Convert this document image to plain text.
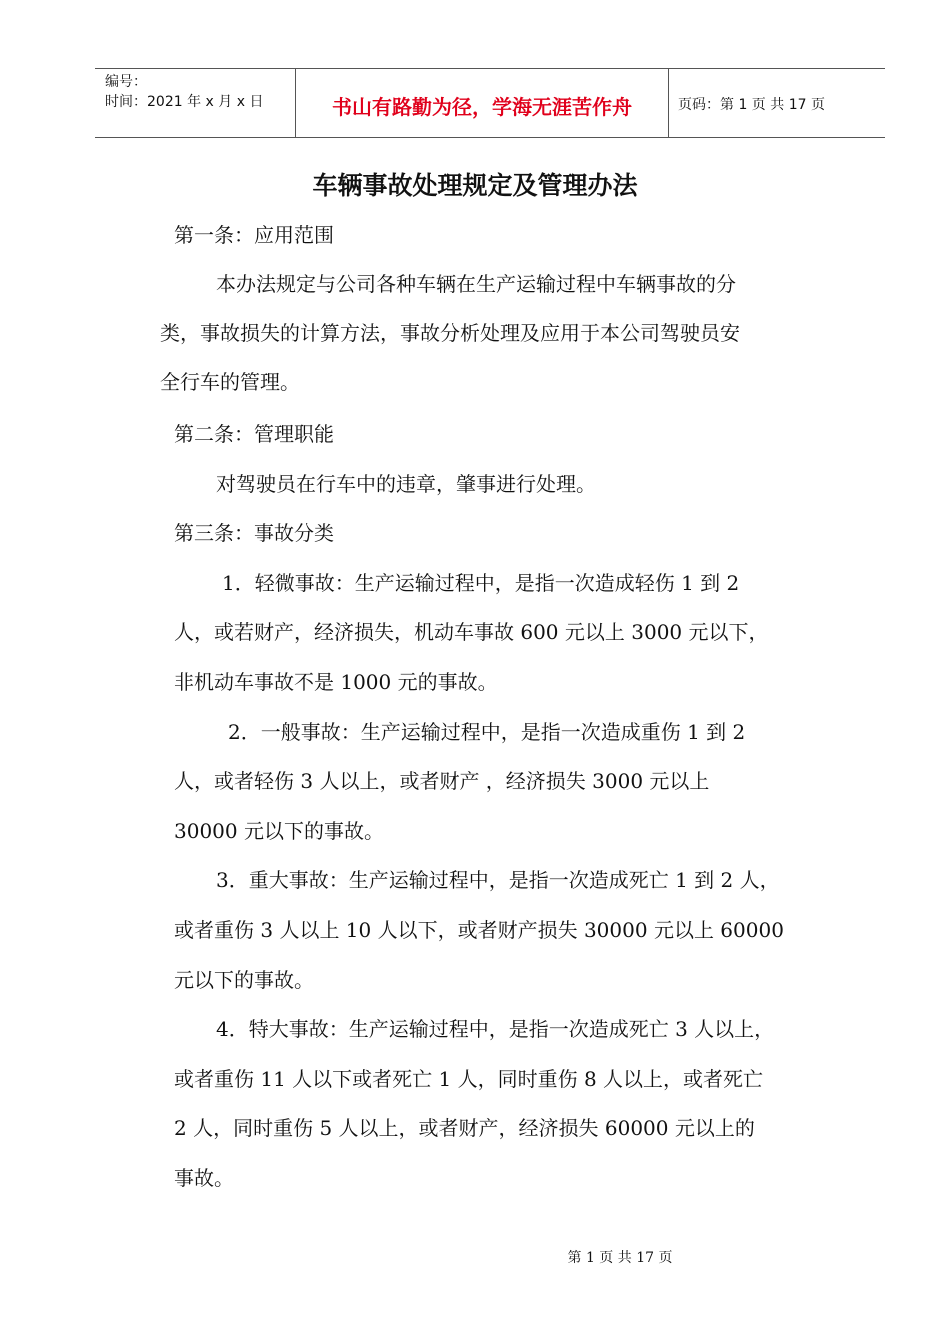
编号：
时间：2021 年 x 月 x 日	书山有路勤为径，学海无涯苦作舟	页码：第 1 页 共 17 页
车辆事故处理规定及管理办法
第一条：应用范围
本办法规定与公司各种车辆在生产运输过程中车辆事故的分
类，事故损失的计算方法，事故分析处理及应用于本公司驾驶员安
全行车的管理。
第二条：管理职能
对驾驶员在行车中的违章，肇事进行处理。
第三条：事故分类
1．轻微事故：生产运输过程中，是指一次造成轻伤 1 到 2
人，或若财产，经济损失，机动车事故 600 元以上 3000 元以下，
非机动车事故不是 1000 元的事故。
2．一般事故：生产运输过程中，是指一次造成重伤 1 到 2
人，或者轻伤 3 人以上，或者财产 ，经济损失 3000 元以上
30000 元以下的事故。
3．重大事故：生产运输过程中，是指一次造成死亡 1 到 2 人，
或者重伤 3 人以上 10 人以下，或者财产损失 30000 元以上 60000
元以下的事故。
4．特大事故：生产运输过程中，是指一次造成死亡 3 人以上，
或者重伤 11 人以下或者死亡 1 人，同时重伤 8 人以上，或者死亡
2 人，同时重伤 5 人以上，或者财产，经济损失 60000 元以上的
事故。
第 1 页 共 17 页
